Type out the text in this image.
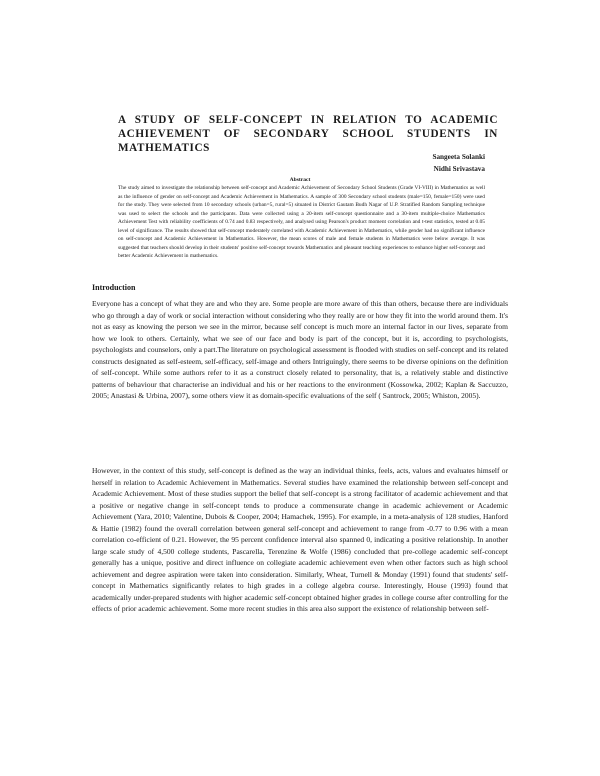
A STUDY OF SELF-CONCEPT IN RELATION TO ACADEMIC ACHIEVEMENT OF SECONDARY SCHOOL STUDENTS IN MATHEMATICS

Sangeeta Solanki

Nidhi Srivastava

Abstract

The study aimed to investigate the relationship between self-concept and Academic Achievement of Secondary School Students (Grade VI-VIII) in Mathematics as well as the influence of gender on self-concept and Academic Achievement in Mathematics. A sample of 300 Secondary school students (male=150, female=150) were used for the study. They were selected from 10 secondary schools (urban=5, rural=5) situated in District Gautam Budh Nagar of U.P. Stratified Random Sampling technique was used to select the schools and the participants. Data were collected using a 20-item self-concept questionnaire and a 30-item multiple-choice Mathematics Achievement Test with reliability coefficients of 0.74 and 0.83 respectively, and analysed using Pearson's product moment correlation and t-test statistics, tested at 0.05 level of significance. The results showed that self-concept moderately correlated with Academic Achievement in Mathematics, while gender had no significant influence on self-concept and Academic Achievement in Mathematics. However, the mean scores of male and female students in Mathematics were below average. It was suggested that teachers should develop in their students' positive self-concept towards Mathematics and pleasant teaching experiences to enhance higher self-concept and better Academic Achievement in mathematics.

Introduction

Everyone has a concept of what they are and who they are. Some people are more aware of this than others, because there are individuals who go through a day of work or social interaction without considering who they really are or how they fit into the world around them. It's not as easy as knowing the person we see in the mirror, because self concept is much more an internal factor in our lives, separate from how we look to others. Certainly, what we see of our face and body is part of the concept, but it is, according to psychologists, psychologists and counselors, only a part.The literature on psychological assessment is flooded with studies on self-concept and its related constructs designated as self-esteem, self-efficacy, self-image and others Intriguingly, there seems to be diverse opinions on the definition of self-concept. While some authors refer to it as a construct closely related to personality, that is, a relatively stable and distinctive patterns of behaviour that characterise an individual and his or her reactions to the environment (Kossowka, 2002; Kaplan & Saccuzzo, 2005; Anastasi & Urbina, 2007), some others view it as domain-specific evaluations of the self ( Santrock, 2005; Whiston, 2005).

However, in the context of this study, self-concept is defined as the way an individual thinks, feels, acts, values and evaluates himself or herself in relation to Academic Achievement in Mathematics. Several studies have examined the relationship between self-concept and Academic Achievement. Most of these studies support the belief that self-concept is a strong facilitator of academic achievement and that a positive or negative change in self-concept tends to produce a commensurate change in academic achievement or Academic Achievement (Yara, 2010; Valentine, Dubois & Cooper, 2004; Hamachek, 1995). For example, in a meta-analysis of 128 studies, Hanford & Hattie (1982) found the overall correlation between general self-concept and achievement to range from -0.77 to 0.96 with a mean correlation co-efficient of 0.21. However, the 95 percent confidence interval also spanned 0, indicating a positive relationship. In another large scale study of 4,500 college students, Pascarella, Terenzine & Wolfe (1986) concluded that pre-college academic self-concept generally has a unique, positive and direct influence on collegiate academic achievement even when other factors such as high school achievement and degree aspiration were taken into consideration. Similarly, Wheat, Turnell & Monday (1991) found that students' self-concept in Mathematics significantly relates to high grades in a college algebra course. Interestingly, House (1993) found that academically under-prepared students with higher academic self-concept obtained higher grades in college course after controlling for the effects of prior academic achievement. Some more recent studies in this area also support the existence of relationship between self-
